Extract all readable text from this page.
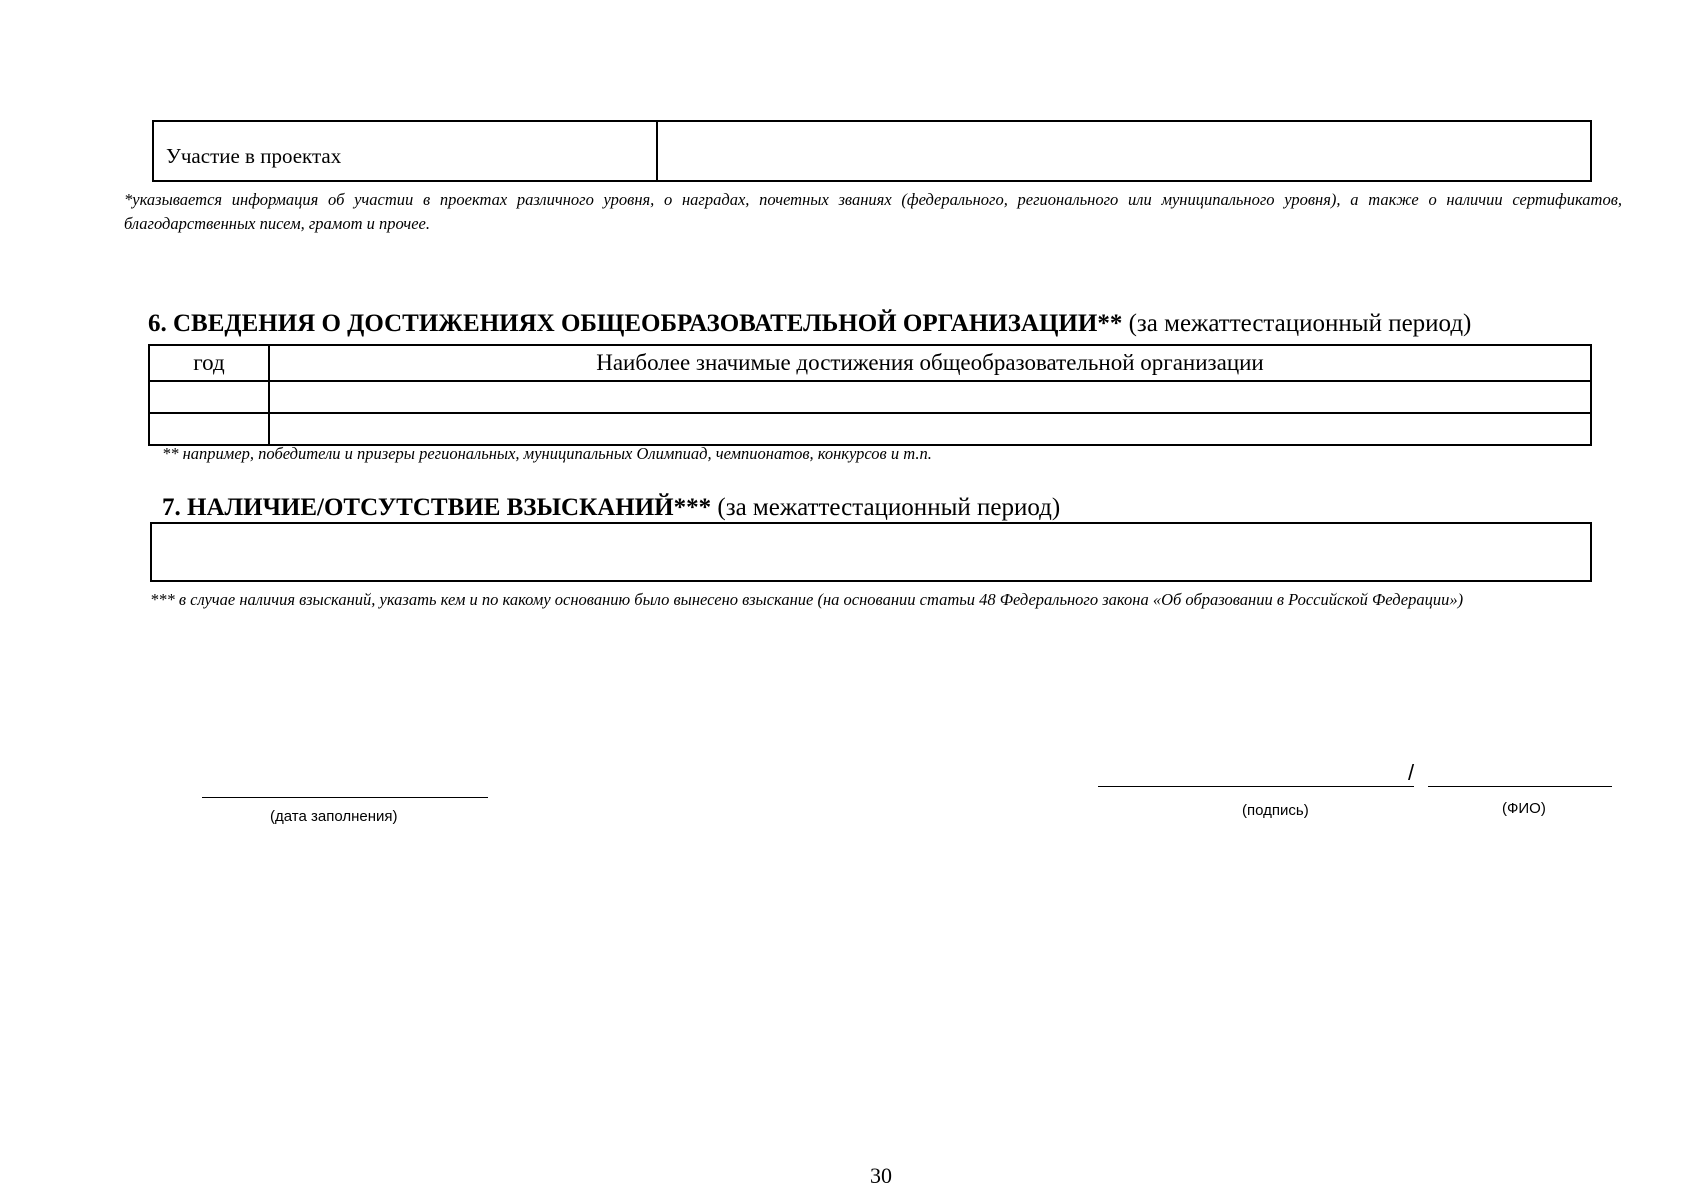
Участие в проектах
*указывается информация об участии в проектах различного уровня, о наградах, почетных званиях (федерального, регионального или муниципального уровня), а также о наличии сертификатов, благодарственных писем, грамот и прочее.
6. СВЕДЕНИЯ О ДОСТИЖЕНИЯХ ОБЩЕОБРАЗОВАТЕЛЬНОЙ ОРГАНИЗАЦИИ** (за межаттестационный период)
год	Наиболее значимые достижения общеобразовательной организации

** например, победители и призеры региональных, муниципальных Олимпиад, чемпионатов, конкурсов и т.п.
7. НАЛИЧИЕ/ОТСУТСТВИЕ ВЗЫСКАНИЙ*** (за межаттестационный период)
*** в случае наличия взысканий, указать кем и по какому основанию было вынесено взыскание (на основании статьи 48 Федерального закона «Об образовании в Российской Федерации»)
(дата заполнения)
/
(подпись)	(ФИО)
30
